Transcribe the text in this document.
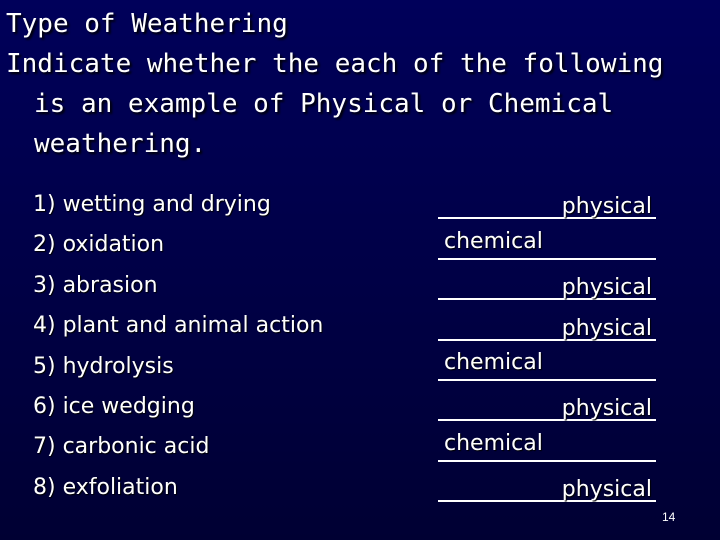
Type of Weathering
Indicate whether the each of the following
is an example of Physical or Chemical
weathering.
1) wetting and drying
2) oxidation
3) abrasion
4) plant and animal action
5) hydrolysis
6) ice wedging
7) carbonic acid
8) exfoliation
physical
chemical
physical
physical
chemical
physical
chemical
physical
14
